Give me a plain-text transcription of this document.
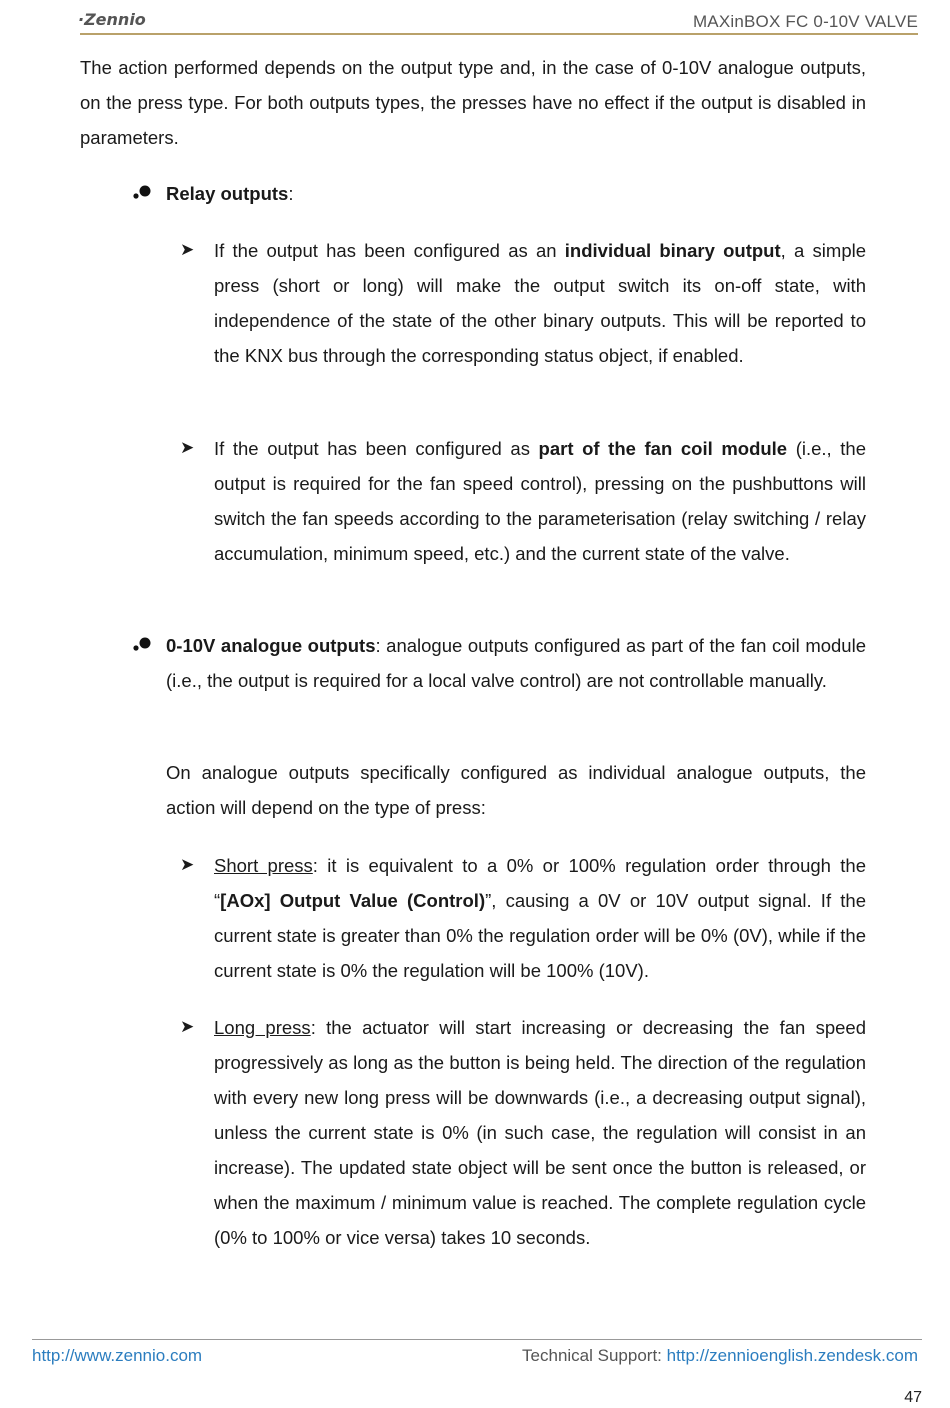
·Zennio	MAXinBOX FC 0-10V VALVE

The action performed depends on the output type and, in the case of 0-10V analogue outputs, on the press type. For both outputs types, the presses have no effect if the output is disabled in parameters.

Relay outputs:

➤ If the output has been configured as an individual binary output, a simple press (short or long) will make the output switch its on-off state, with independence of the state of the other binary outputs. This will be reported to the KNX bus through the corresponding status object, if enabled.

➤ If the output has been configured as part of the fan coil module (i.e., the output is required for the fan speed control), pressing on the pushbuttons will switch the fan speeds according to the parameterisation (relay switching / relay accumulation, minimum speed, etc.) and the current state of the valve.

0-10V analogue outputs: analogue outputs configured as part of the fan coil module (i.e., the output is required for a local valve control) are not controllable manually.

On analogue outputs specifically configured as individual analogue outputs, the action will depend on the type of press:

➤ Short press: it is equivalent to a 0% or 100% regulation order through the “[AOx] Output Value (Control)”, causing a 0V or 10V output signal. If the current state is greater than 0% the regulation order will be 0% (0V), while if the current state is 0% the regulation will be 100% (10V).

➤ Long press: the actuator will start increasing or decreasing the fan speed progressively as long as the button is being held. The direction of the regulation with every new long press will be downwards (i.e., a decreasing output signal), unless the current state is 0% (in such case, the regulation will consist in an increase). The updated state object will be sent once the button is released, or when the maximum / minimum value is reached. The complete regulation cycle (0% to 100% or vice versa) takes 10 seconds.

http://www.zennio.com	Technical Support: http://zennioenglish.zendesk.com
47
